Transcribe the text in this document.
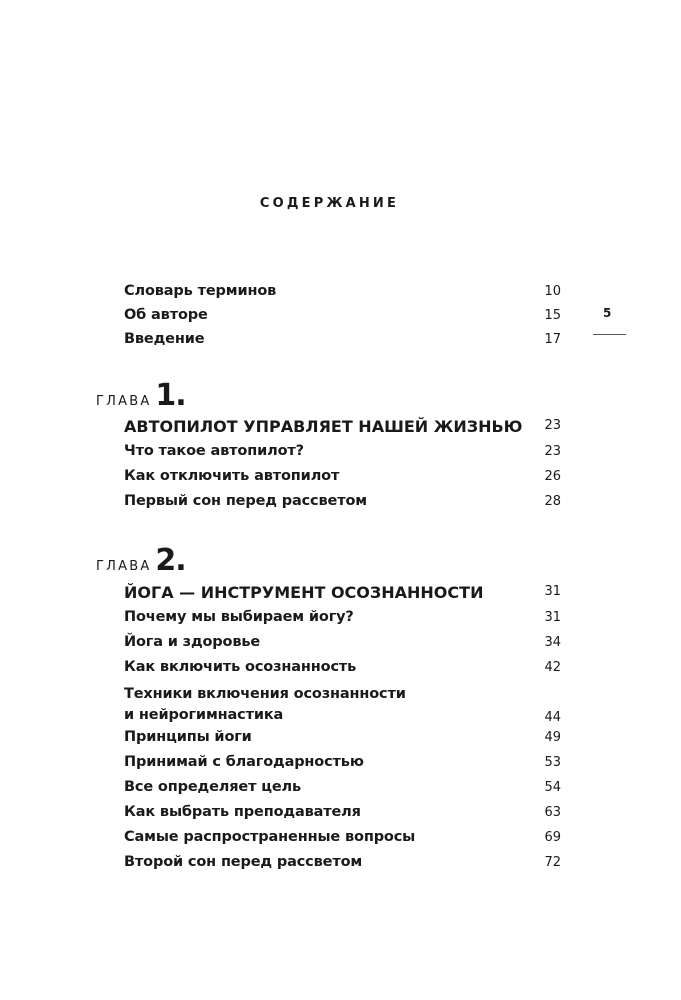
СОДЕРЖАНИЕ
5
Словарь терминов	10
Об авторе	15
Введение	17
ГЛАВА 1.
АВТОПИЛОТ УПРАВЛЯЕТ НАШЕЙ ЖИЗНЬЮ 23
Что такое автопилот?	23
Как отключить автопилот	26
Первый сон перед рассветом	28
ГЛАВА 2.
ЙОГА — ИНСТРУМЕНТ ОСОЗНАННОСТИ	31
Почему мы выбираем йогу?	31
Йога и здоровье	34
Как включить осознанность	42
Техники включения осознанности
и нейрогимнастика	44
Принципы йоги	49
Принимай с благодарностью	53
Все определяет цель	54
Как выбрать преподавателя	63
Самые распространенные вопросы	69
Второй сон перед рассветом	72
